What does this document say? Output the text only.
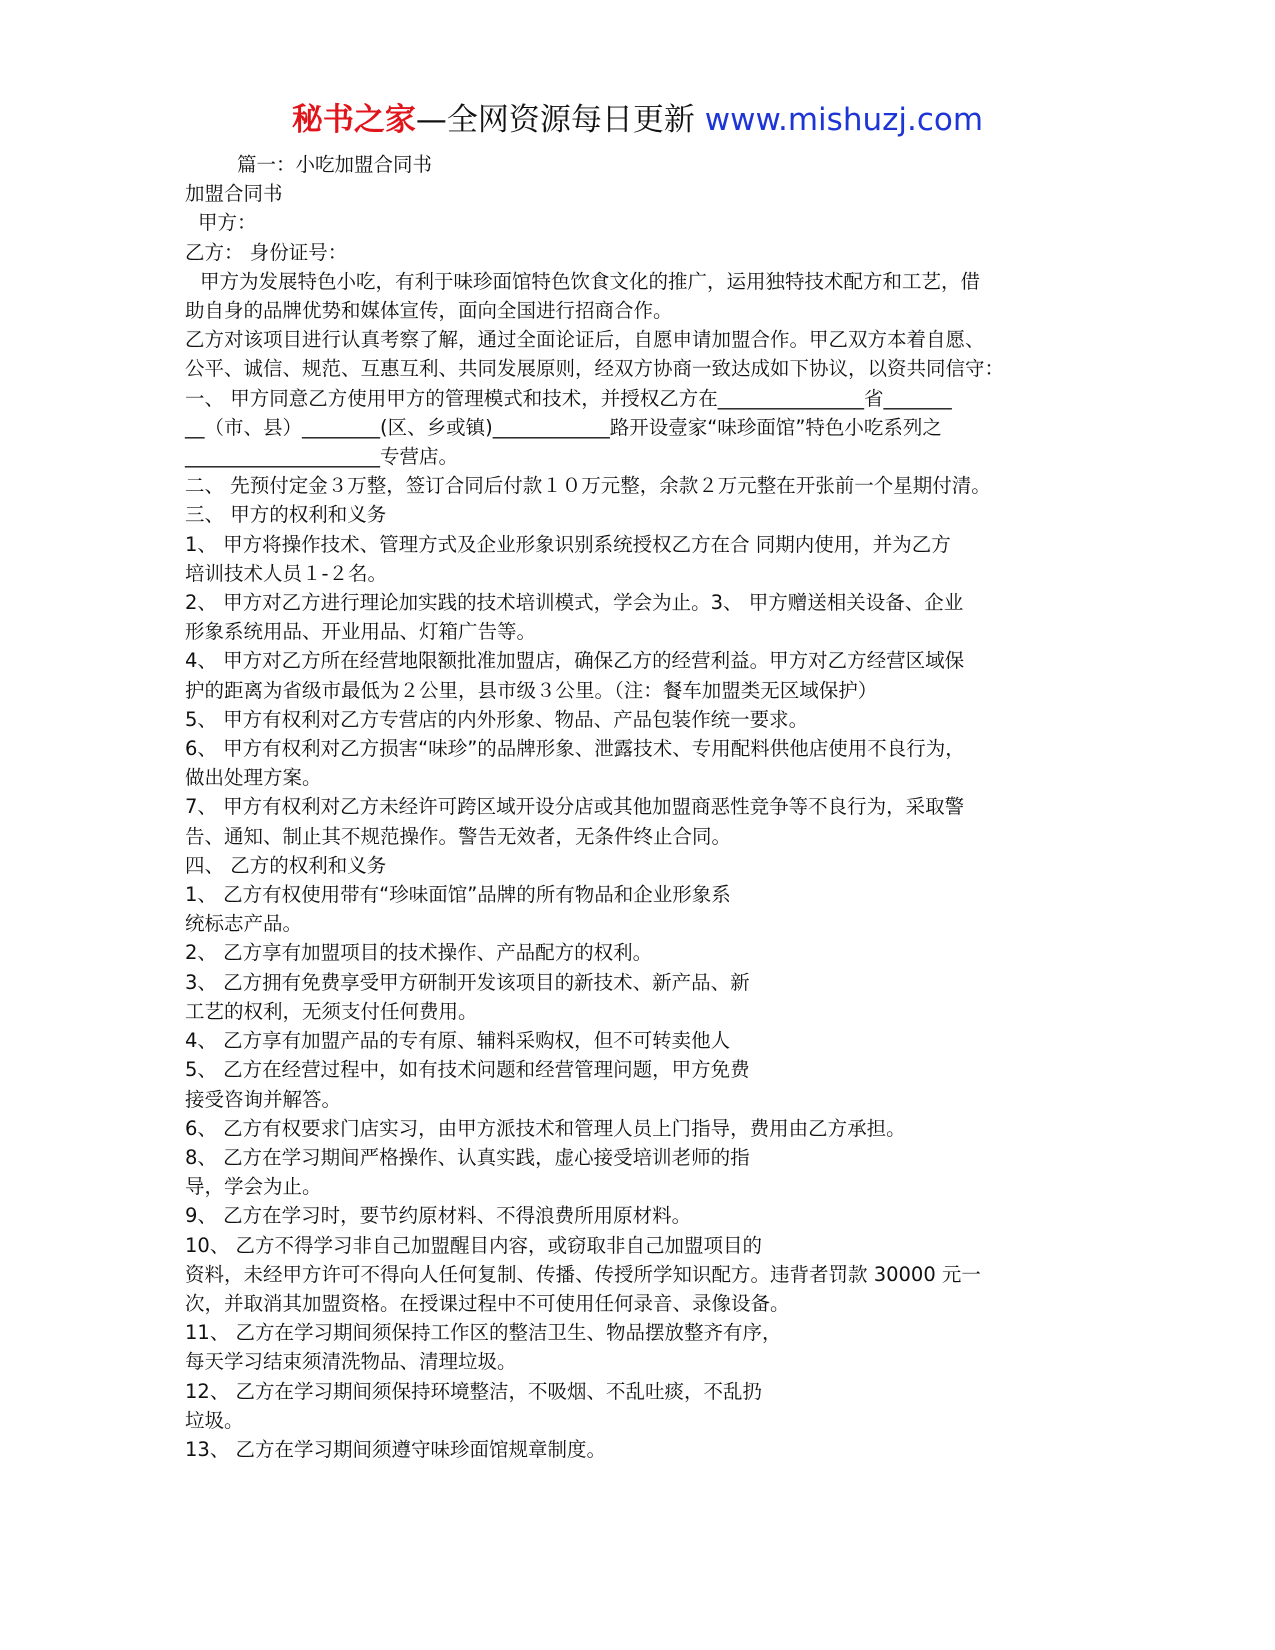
秘书之家—全网资源每日更新 www.mishuzj.com
篇一：小吃加盟合同书
加盟合同书
甲方：
乙方： 身份证号：
甲方为发展特色小吃，有利于味珍面馆特色饮食文化的推广，运用独特技术配方和工艺，借
助自身的品牌优势和媒体宣传，面向全国进行招商合作。
乙方对该项目进行认真考察了解，通过全面论证后，自愿申请加盟合作。甲乙双方本着自愿、
公平、诚信、规范、互惠互利、共同发展原则，经双方协商一致达成如下协议，以资共同信守：
一、 甲方同意乙方使用甲方的管理模式和技术，并授权乙方在_______________省_______
__（市、县）________(区、乡或镇)____________路开设壹家“味珍面馆”特色小吃系列之
____________________专营店。
二、 先预付定金３万整，签订合同后付款１０万元整，余款２万元整在开张前一个星期付清。
三、 甲方的权利和义务
1、 甲方将操作技术、管理方式及企业形象识别系统授权乙方在合 同期内使用，并为乙方
培训技术人员１-２名。
2、 甲方对乙方进行理论加实践的技术培训模式，学会为止。3、 甲方赠送相关设备、企业
形象系统用品、开业用品、灯箱广告等。
4、 甲方对乙方所在经营地限额批准加盟店，确保乙方的经营利益。甲方对乙方经营区域保
护的距离为省级市最低为２公里，县市级３公里。（注：餐车加盟类无区域保护）
5、 甲方有权利对乙方专营店的内外形象、物品、产品包装作统一要求。
6、 甲方有权利对乙方损害“味珍”的品牌形象、泄露技术、专用配料供他店使用不良行为，
做出处理方案。
7、 甲方有权利对乙方未经许可跨区域开设分店或其他加盟商恶性竞争等不良行为，采取警
告、通知、制止其不规范操作。警告无效者，无条件终止合同。
四、 乙方的权利和义务
1、 乙方有权使用带有“珍味面馆”品牌的所有物品和企业形象系
统标志产品。
2、 乙方享有加盟项目的技术操作、产品配方的权利。
3、 乙方拥有免费享受甲方研制开发该项目的新技术、新产品、新
工艺的权利，无须支付任何费用。
4、 乙方享有加盟产品的专有原、辅料采购权，但不可转卖他人
5、 乙方在经营过程中，如有技术问题和经营管理问题，甲方免费
接受咨询并解答。
6、 乙方有权要求门店实习，由甲方派技术和管理人员上门指导，费用由乙方承担。
8、 乙方在学习期间严格操作、认真实践，虚心接受培训老师的指
导，学会为止。
9、 乙方在学习时，要节约原材料、不得浪费所用原材料。
10、 乙方不得学习非自己加盟醒目内容，或窃取非自己加盟项目的
资料，未经甲方许可不得向人任何复制、传播、传授所学知识配方。违背者罚款 30000 元一
次，并取消其加盟资格。在授课过程中不可使用任何录音、录像设备。
11、 乙方在学习期间须保持工作区的整洁卫生、物品摆放整齐有序，
每天学习结束须清洗物品、清理垃圾。
12、 乙方在学习期间须保持环境整洁，不吸烟、不乱吐痰，不乱扔
垃圾。
13、 乙方在学习期间须遵守味珍面馆规章制度。
